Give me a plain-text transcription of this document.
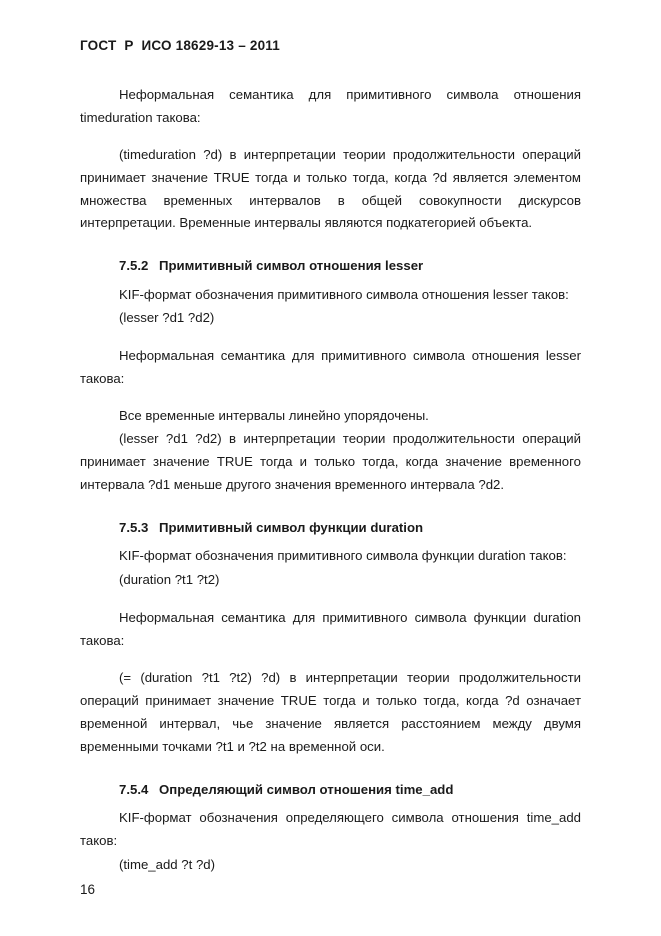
ГОСТ  Р  ИСО 18629-13 – 2011
Неформальная семантика для примитивного символа отношения
timeduration такова:
(timeduration ?d) в интерпретации теории продолжительности операций
принимает значение TRUE тогда и только тогда, когда ?d является элементом
множества временных интервалов в общей совокупности дискурсов
интерпретации. Временные интервалы являются подкатегорией объекта.
7.5.2 Примитивный символ отношения lesser
KIF-формат обозначения примитивного символа отношения lesser таков:
(lesser ?d1 ?d2)
Неформальная семантика для примитивного символа отношения lesser
такова:
Все временные интервалы линейно упорядочены.
(lesser ?d1 ?d2) в интерпретации теории продолжительности операций
принимает значение TRUE тогда и только тогда, когда значение временного
интервала ?d1 меньше другого значения временного интервала ?d2.
7.5.3 Примитивный символ функции duration
KIF-формат обозначения примитивного символа функции duration таков:
(duration ?t1 ?t2)
Неформальная семантика для примитивного символа функции duration
такова:
(= (duration ?t1 ?t2) ?d) в интерпретации теории продолжительности
операций принимает значение TRUE тогда и только тогда, когда ?d означает
временной интервал, чье значение является расстоянием между двумя
временными точками ?t1 и ?t2 на временной оси.
7.5.4 Определяющий символ отношения time_add
KIF-формат обозначения определяющего символа отношения time_add
таков:
(time_add ?t ?d)
16
